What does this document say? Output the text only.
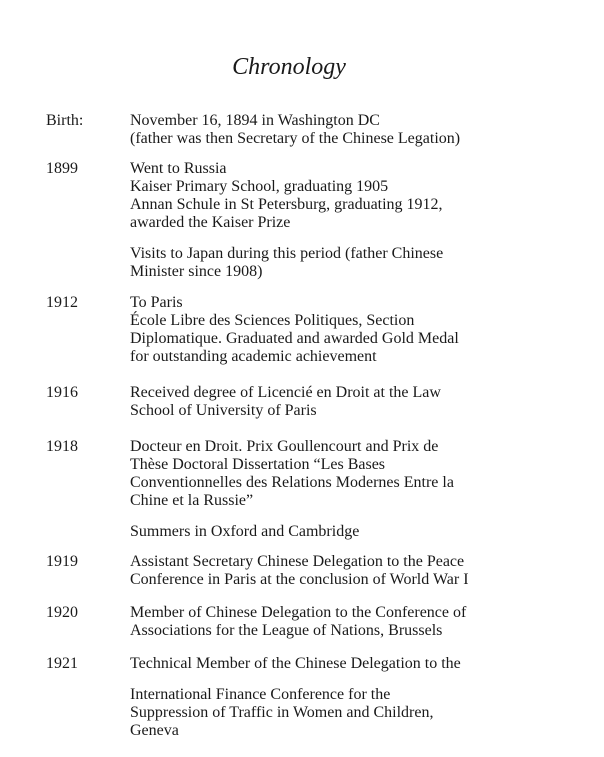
Chronology
Birth:	November 16, 1894 in Washington DC
(father was then Secretary of the Chinese Legation)
1899	Went to Russia
Kaiser Primary School, graduating 1905
Annan Schule in St Petersburg, graduating 1912,
awarded the Kaiser Prize
Visits to Japan during this period (father Chinese
Minister since 1908)
1912	To Paris
École Libre des Sciences Politiques, Section
Diplomatique. Graduated and awarded Gold Medal
for outstanding academic achievement
1916	Received degree of Licencié en Droit at the Law
School of University of Paris
1918	Docteur en Droit. Prix Goullencourt and Prix de
Thèse Doctoral Dissertation “Les Bases
Conventionnelles des Relations Modernes Entre la
Chine et la Russie”
Summers in Oxford and Cambridge
1919	Assistant Secretary Chinese Delegation to the Peace
Conference in Paris at the conclusion of World War I
1920	Member of Chinese Delegation to the Conference of
Associations for the League of Nations, Brussels
1921	Technical Member of the Chinese Delegation to the
International Finance Conference for the
Suppression of Traffic in Women and Children,
Geneva
